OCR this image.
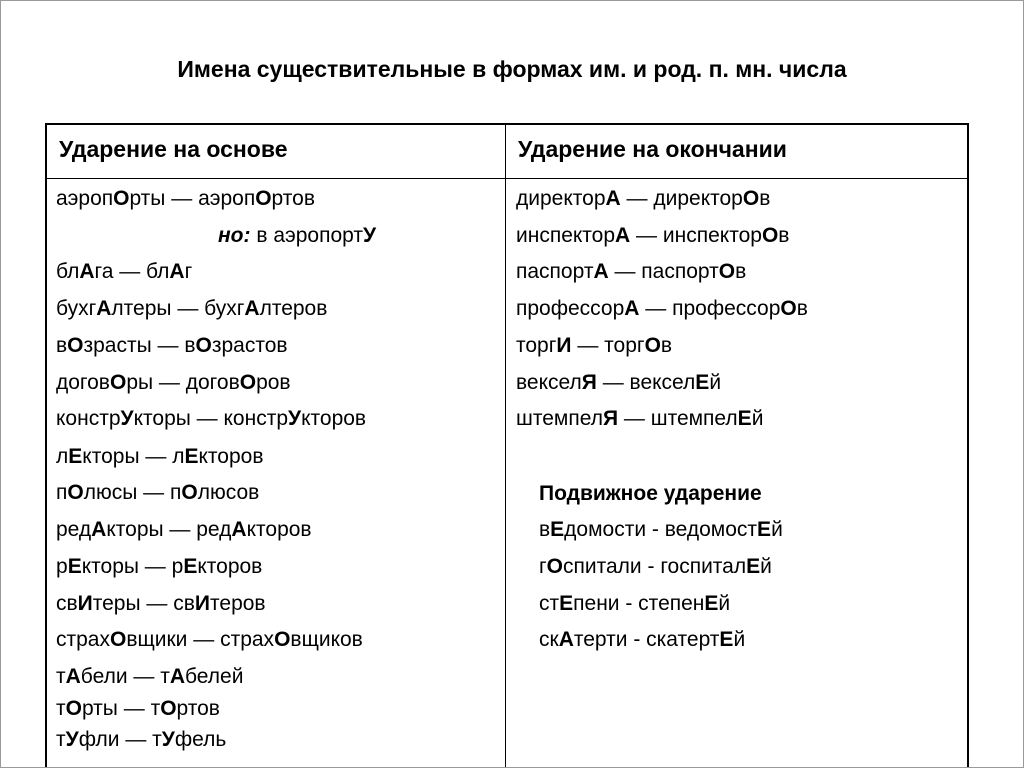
Имена существительные в формах им. и род. п. мн. числа
Ударение на основе	Ударение на окончании
аэропОрты — аэропОртов
но: в аэропортУ
блАга — блАг
бухгАлтеры — бухгАлтеров
вОзрасты — вОзрастов
договОры — договОров
констрУкторы — констрУкторов
лЕкторы — лЕкторов
пОлюсы — пОлюсов
редАкторы — редАкторов
рЕкторы — рЕкторов
свИтеры — свИтеров
страхОвщики — страхОвщиков
тАбели — тАбелей
тОрты — тОртов
тУфли — тУфель
директорА — директорОв
инспекторА — инспекторОв
паспортА — паспортОв
профессорА — профессорОв
торгИ — торгОв
векселЯ — векселЕй
штемпелЯ — штемпелЕй
Подвижное ударение
вЕдомости - ведомостЕй
гОспитали - госпиталЕй
стЕпени - степенЕй
скАтерти - скатертЕй
